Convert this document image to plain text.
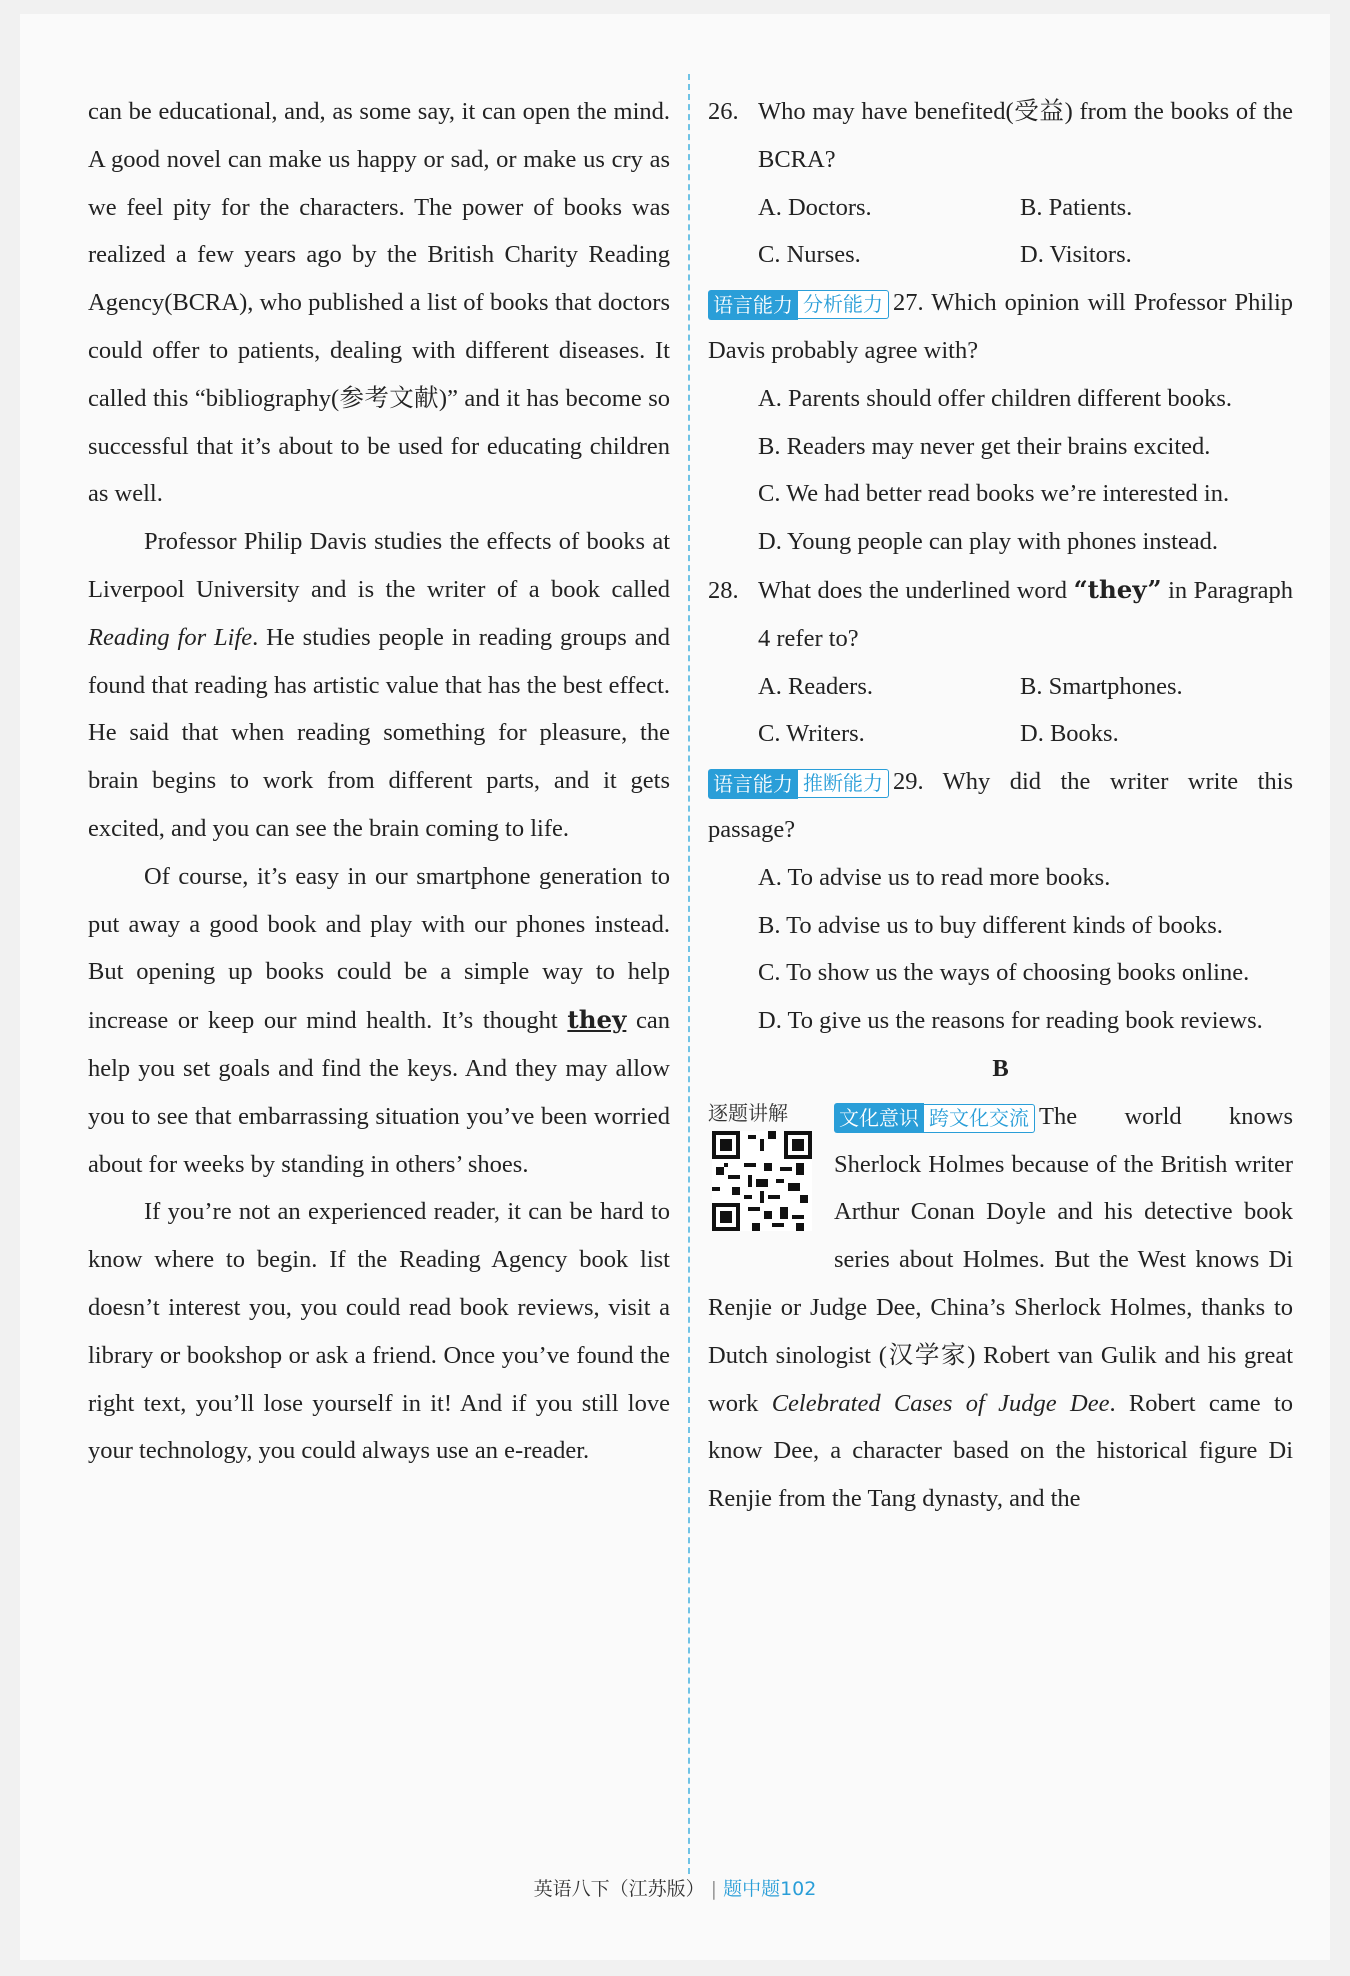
can be educational, and, as some say, it can open the mind. A good novel can make us happy or sad, or make us cry as we feel pity for the characters. The power of books was realized a few years ago by the British Charity Reading Agency(BCRA), who published a list of books that doctors could offer to patients, dealing with different diseases. It called this “bibliography(参考文献)” and it has become so successful that it’s about to be used for educating children as well.

Professor Philip Davis studies the effects of books at Liverpool University and is the writer of a book called Reading for Life. He studies people in reading groups and found that reading has artistic value that has the best effect. He said that when reading something for pleasure, the brain begins to work from different parts, and it gets excited, and you can see the brain coming to life.

Of course, it’s easy in our smartphone generation to put away a good book and play with our phones instead. But opening up books could be a simple way to help increase or keep our mind health. It’s thought they can help you set goals and find the keys. And they may allow you to see that embarrassing situation you’ve been worried about for weeks by standing in others’ shoes.

If you’re not an experienced reader, it can be hard to know where to begin. If the Reading Agency book list doesn’t interest you, you could read book reviews, visit a library or bookshop or ask a friend. Once you’ve found the right text, you’ll lose yourself in it! And if you still love your technology, you could always use an e-reader.

26. Who may have benefited(受益) from the books of the BCRA?

A. Doctors.	B. Patients.
C. Nurses.	D. Visitors.

语言能力 分析能力 27. Which opinion will Professor Philip Davis probably agree with?

A. Parents should offer children different books.

B. Readers may never get their brains excited.

C. We had better read books we’re interested in.

D. Young people can play with phones instead.

28. What does the underlined word “they” in Paragraph 4 refer to?

A. Readers.	B. Smartphones.
C. Writers.	D. Books.

语言能力 推断能力 29. Why did the writer write this passage?

A. To advise us to read more books.

B. To advise us to buy different kinds of books.

C. To show us the ways of choosing books online.

D. To give us the reasons for reading book reviews.

B

逐题讲解	文化意识 跨文化交流 The world knows Sherlock Holmes because of the British writer Arthur Conan Doyle and his detective book series about Holmes. But the West knows Di Renjie or Judge Dee, China’s Sherlock Holmes, thanks to Dutch sinologist (汉学家) Robert van Gulik and his great work Celebrated Cases of Judge Dee. Robert came to know Dee, a character based on the historical figure Di Renjie from the Tang dynasty, and the

英语八下（江苏版） | 题中题102
